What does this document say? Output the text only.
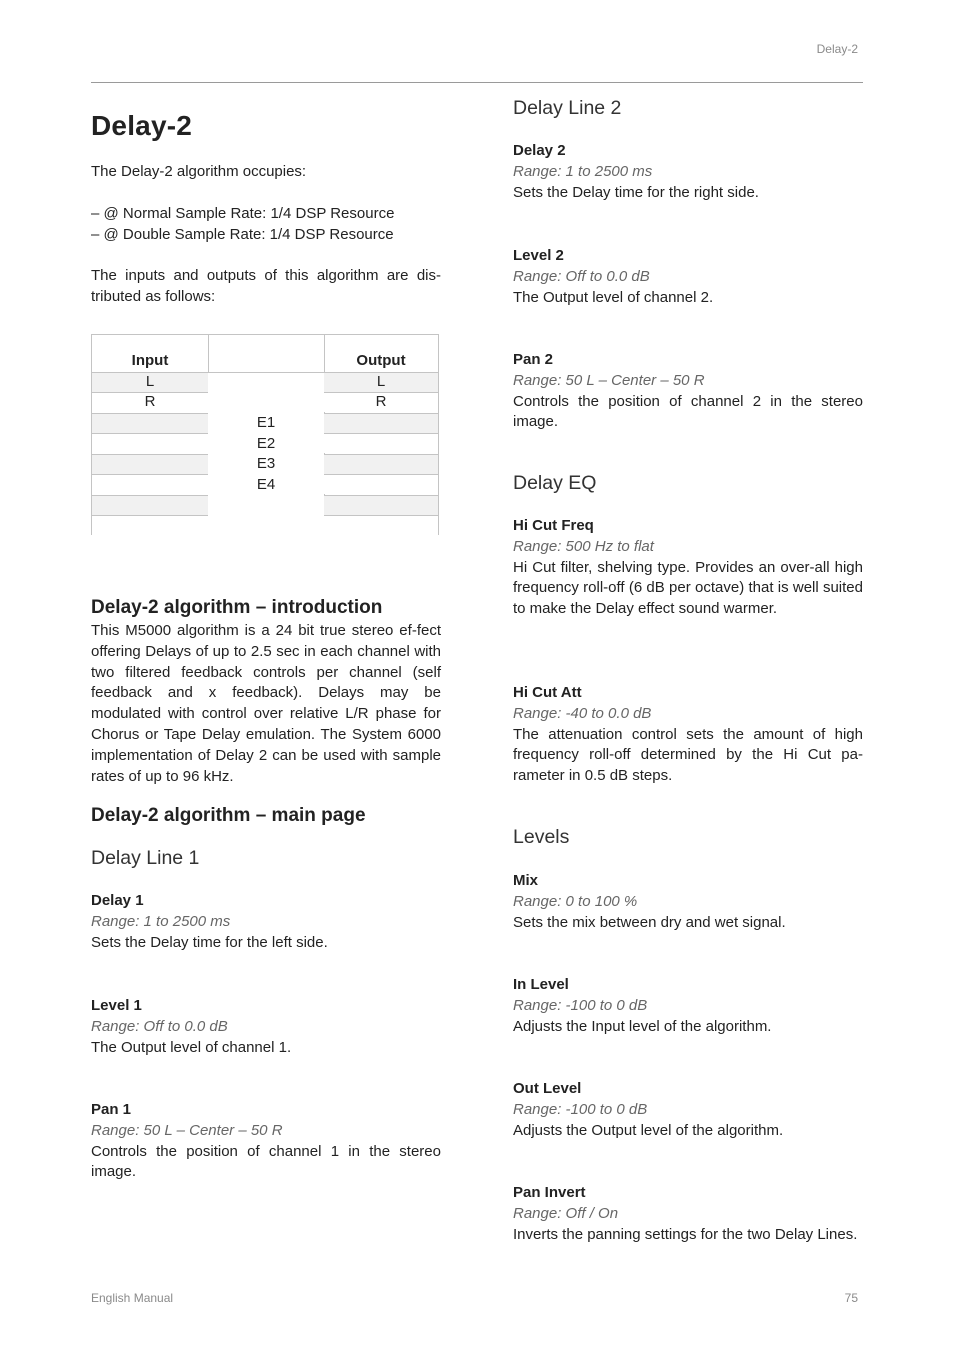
Delay-2
Delay-2

The Delay-2 algorithm occupies:

– @ Normal Sample Rate: 1/4 DSP Resource
– @ Double Sample Rate: 1/4 DSP Resource

The inputs and outputs of this algorithm are dis-tributed as follows:

Delay-2 algorithm – introduction

This M5000 algorithm is a 24 bit true stereo ef-fect offering Delays of up to 2.5 sec in each channel with two filtered feedback controls per channel (self feedback and x feedback). Delays may be modulated with control over relative L/R phase for Chorus or Tape Delay emulation. The System 6000 implementation of Delay 2 can be used with sample rates of up to 96 kHz.

Delay-2 algorithm – main page
Delay Line 1
Delay 1
Range: 1 to 2500 ms
Sets the Delay time for the left side.
Level 1
Range: Off to 0.0 dB
The Output level of channel 1.
Pan 1
Range: 50 L – Center – 50 R
Controls the position of channel 1 in the stereo image.
Input
L
R
E1
E2
E3
E4
Output
L
R
Delay Line 2
Delay 2
Range: 1 to 2500 ms
Sets the Delay time for the right side.
Level 2
Range: Off to 0.0 dB
The Output level of channel 2.
Pan 2
Range: 50 L – Center – 50 R
Controls the position of channel 2 in the stereo image.
Delay EQ
Hi Cut Freq
Range: 500 Hz to flat
Hi Cut filter, shelving type. Provides an over-all high frequency roll-off (6 dB per octave) that is well suited to make the Delay effect sound warmer.
Hi Cut Att
Range: -40 to 0.0 dB
The attenuation control sets the amount of high frequency roll-off determined by the Hi Cut pa-rameter in 0.5 dB steps.
Levels
Mix
Range: 0 to 100 %
Sets the mix between dry and wet signal.
In Level
Range: -100 to 0 dB
Adjusts the Input level of the algorithm.
Out Level
Range: -100 to 0 dB
Adjusts the Output level of the algorithm.
Pan Invert
Range: Off / On
Inverts the panning settings for the two Delay Lines.
English Manual	75
